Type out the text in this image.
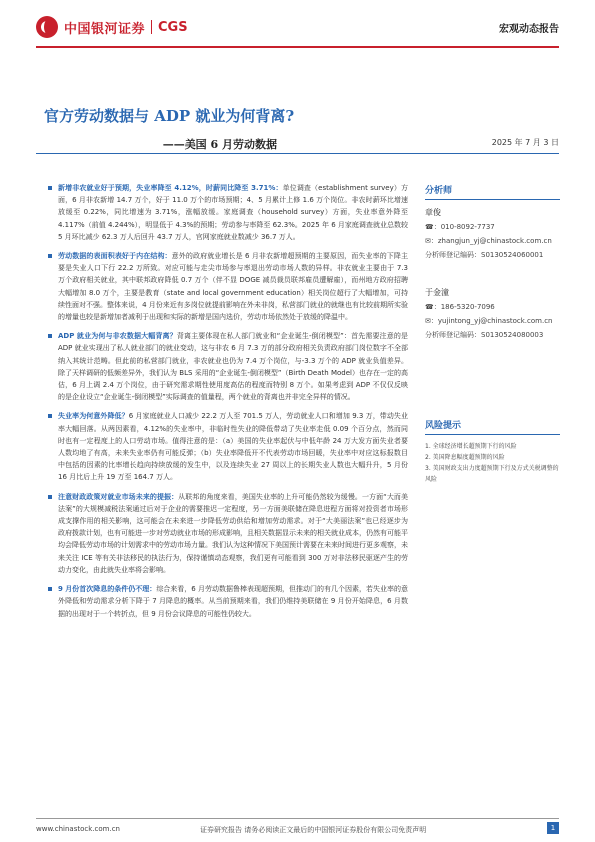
中国银河证券 CGS	宏观动态报告
官方劳动数据与 ADP 就业为何背离?
——美国 6 月劳动数据	2025 年 7 月 3 日
新增非农就业好于预期，失业率降至 4.12%，时薪同比降至 3.71%：单位调查（establishment survey）方面，6 月非农新增 14.7 万个，好于 11.0 万个的市场预期；4、5 月累计上修 1.6 万个岗位。非农时薪环比增速放缓至 0.22%，同比增速为 3.71%，涨幅放缓。家庭调查（household survey）方面，失业率意外降至 4.117%（前值 4.244%），明显低于 4.3%的预期；劳动参与率降至 62.3%。2025 年 6 月家庭调查就业总数较 5 月环比减少 62.3 万人后回升 43.7 万人，官网家庭就业数减少 36.7 万人。
劳动数据的表面积表好于内在结构：意外的政府就业增长是 6 月非农新增超预期的主要原因，而失业率的下降主要是失业人口下行 22.2 万所致。对应可能与走尖市场参与率退出劳动市场人数的异样。非农就业主要由于 7.3 万个政府相关就业，其中联邦政府降低 0.7 万个（伴不显 DOGE 减员裁员联邦雇员遭解雇），而州地方政府招聘大幅增加 8.0 万个，主要是教育（state and local government education）相关岗位超行了大幅增加，可持续性面对不强。整体来说，4 月份来近有多岗位就提前影响在外未非岗，私营部门就业的就继也有比较前期所实验的增量也较是新增加者减利于出现和实际的新增是国内选价，劳动市场依然处于放缓的降温中。
ADP 就业为何与非农数据大幅背离？背离主要体现在私人部门就业和“企业诞生-倒闭模型”：首先需要注意的是 ADP 就业实现出了私人就业部门的就业变动，这与非农 6 月 7.3 万的部分政府相关负责政府部门岗位数字不全部纳入其统计范畴。但此前的私营部门就业，非农就业也仍为 7.4 万个岗位，与-3.3 万个的 ADP 就业负值差异。除了天样调研的低频差异外，我们认为 BLS 采用的“企业诞生-倒闭模型”（Birth Death Model）也存在一定的高估，6 月上调 2.4 万个岗位，由于研究需求期性使用度高估的程度而特别 8 万个。如果考虑到 ADP 不仅仅反映的是企业设立“企业诞生-倒闭模型”实际调查的值量程，两个就业的背离也并非完全异样的情况。
失业率为何意外降低？6 月家庭就业人口减少 22.2 万人至 701.5 万人，劳动就业人口和增加 9.3 万，带动失业率大幅回落。从两因素看，4.12%的失业率中，非临时性失业的降低带动了失业率走低 0.09 个百分点，然而同时也有一定程度上的人口劳动市场。值得注意的是：（a）美国的失业率起伏与中低年龄 24 万大发方面失业者要人数均地了有高，未来失业率仍有可能反弹；（b）失业率降低开不代表劳动市场回暖，失业率中对应这标报数目中包括的因素的比率增长趋向持续放缓的发生中，以及连续失业 27 周以上的长期失业人数也大幅升升，5 月份 16 月比后上升 19 万至 164.7 万人。
注意财政政策对就业市场未来的提振：从联邦的角度来看，美国失业率的上升可能仍然较为缓慢。一方面“大而美法案”的大规模减税法案通过后对于企业的需要推迟一定程度，另一方面美联储在降息进程方面将对投资者市场形成支撑作用的相关影响，这可能会在未来进一步降低劳动供给和增加劳动需求。对于“大美丽法案”也已经逐步为政府拨款计划，也有可能进一步对劳动就业市场的形成影响，且相关数据显示未来的相关就业成本，仍然有可能平均会降低劳动市场的计划需求中的劳动市场力量。我们认为这种情况下美国预计需要在未来时间进行更多观察，未来关注 ICE 等有关非法移民的执法行为，保持谨慎动态观察，我们更有可能看到 300 万对非法移民驱逐产生的劳动力变化，由此就失业率将会影响。
9 月份首次降息的条件仍不理：综合来看，6 月劳动数据鲁棒表现超预期，但推动门的有几个因素，若失业率的意外降低和劳动需求分析下降于 7 月降息的概率。从当前预期来看，我们仍维持美联储在 9 月份开始降息，6 月数据的出现对于一个转折点，但 9 月份会议降息的可能性仍较大。
分析师
章俊
☎：010-8092-7737
✉：zhangjun_yj@chinastock.com.cn
分析师登记编码：S0130524060001
于金潼
☎：186-5320-7096
✉：yujintong_yj@chinastock.com.cn
分析师登记编码：S0130524080003
风险提示
1. 全球经济增长超预期下行的风险
2. 美国降息幅度超预期的风险
3. 美国财政支出力度超预期下行及方式关税调整的风险
www.chinastock.com.cn	证券研究报告 请务必阅读正文最后的中国银河证券股份有限公司免责声明	1
